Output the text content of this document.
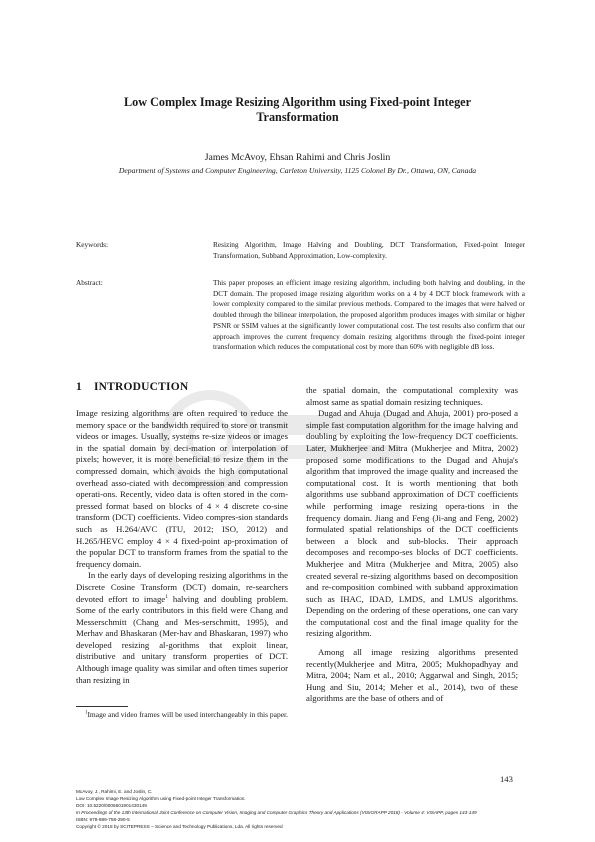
Low Complex Image Resizing Algorithm using Fixed-point Integer
Transformation
James McAvoy, Ehsan Rahimi and Chris Joslin
Department of Systems and Computer Engineering, Carleton University, 1125 Colonel By Dr., Ottawa, ON, Canada
Keywords:	Resizing Algorithm, Image Halving and Doubling, DCT Transformation, Fixed-point Integer Transformation, Subband Approximation, Low-complexity.
Abstract:	This paper proposes an efficient image resizing algorithm, including both halving and doubling, in the DCT domain. The proposed image resizing algorithm works on a 4 by 4 DCT block framework with a lower complexity compared to the similar previous methods. Compared to the images that were halved or doubled through the bilinear interpolation, the proposed algorithm produces images with similar or higher PSNR or SSIM values at the significantly lower computational cost. The test results also confirm that our approach improves the current frequency domain resizing algorithms through the fixed-point integer transformation which reduces the computational cost by more than 60% with negligible dB loss.
1 INTRODUCTION

Image resizing algorithms are often required to reduce the memory space or the bandwidth required to store or transmit videos or images. Usually, systems re-size videos or images in the spatial domain by deci-mation or interpolation of pixels; however, it is more beneficial to resize them in the compressed domain, which avoids the high computational overhead asso-ciated with decompression and compression operati-ons. Recently, video data is often stored in the com-pressed format based on blocks of 4 × 4 discrete co-sine transform (DCT) coefficients. Video compres-sion standards such as H.264/AVC (ITU, 2012; ISO, 2012) and H.265/HEVC employ 4 × 4 fixed-point ap-proximation of the popular DCT to transform frames from the spatial to the frequency domain.

In the early days of developing resizing algorithms in the Discrete Cosine Transform (DCT) domain, re-searchers devoted effort to image$^1$ halving and doubling problem. Some of the early contributors in this field were Chang and Messerschmitt (Chang and Mes-serschmitt, 1995), and Merhav and Bhaskaran (Mer-hav and Bhaskaran, 1997) who developed resizing al-gorithms that exploit linear, distributive and unitary transform properties of DCT. Although image quality was similar and often times superior than resizing in

$^1$Image and video frames will be used interchangeably in this paper.

the spatial domain, the computational complexity was almost same as spatial domain resizing techniques.

Dugad and Ahuja (Dugad and Ahuja, 2001) pro-posed a simple fast computation algorithm for the image halving and doubling by exploiting the low-frequency DCT coefficients. Later, Mukherjee and Mitra (Mukherjee and Mitra, 2002) proposed some modifications to the Dugad and Ahuja's algorithm that improved the image quality and increased the computational cost. It is worth mentioning that both algorithms use subband approximation of DCT coefficients while performing image resizing opera-tions in the frequency domain. Jiang and Feng (Ji-ang and Feng, 2002) formulated spatial relationships of the DCT coefficients between a block and sub-blocks. Their approach decomposes and recompo-ses blocks of DCT coefficients. Mukherjee and Mitra (Mukherjee and Mitra, 2005) also created several re-sizing algorithms based on decomposition and re-composition combined with subband approximation such as IHAC, IDAD, LMDS, and LMUS algorithms. Depending on the ordering of these operations, one can vary the computational cost and the final image quality for the resizing algorithm.

Among all image resizing algorithms presented recently(Mukherjee and Mitra, 2005; Mukhopadhyay and Mitra, 2004; Nam et al., 2010; Aggarwal and Singh, 2015; Hung and Siu, 2014; Meher et al., 2014), two of these algorithms are the base of others and of

143
McAvoy, J., Rahimi, E. and Joslin, C.
Low Complex Image Resizing Algorithm using Fixed-point Integer Transformation.
DOI: 10.5220/0006601901430149
In Proceedings of the 13th International Joint Conference on Computer Vision, Imaging and Computer Graphics Theory and Applications (VISIGRAPP 2018) - Volume 4: VISAPP, pages 143-149
ISBN: 978-989-758-290-5
Copyright © 2018 by SCITEPRESS – Science and Technology Publications, Lda. All rights reserved
